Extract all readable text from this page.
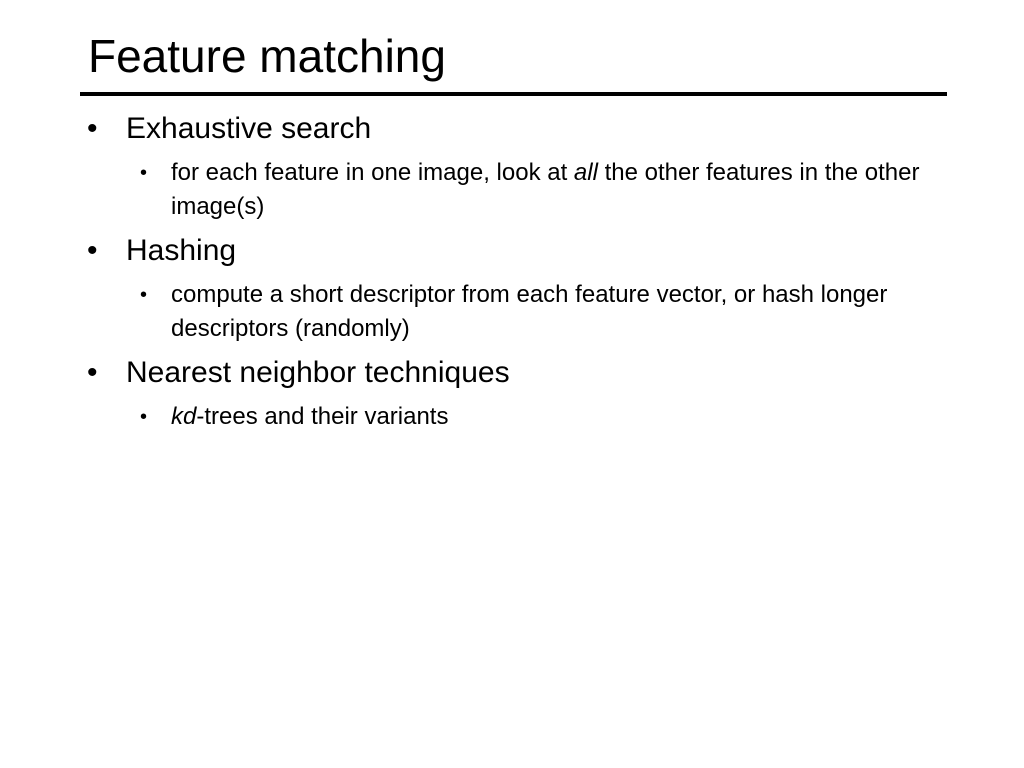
Feature matching
• Exhaustive search
• for each feature in one image, look at all the other features in the other image(s)
• Hashing
• compute a short descriptor from each feature vector, or hash longer descriptors (randomly)
• Nearest neighbor techniques
• kd-trees and their variants
